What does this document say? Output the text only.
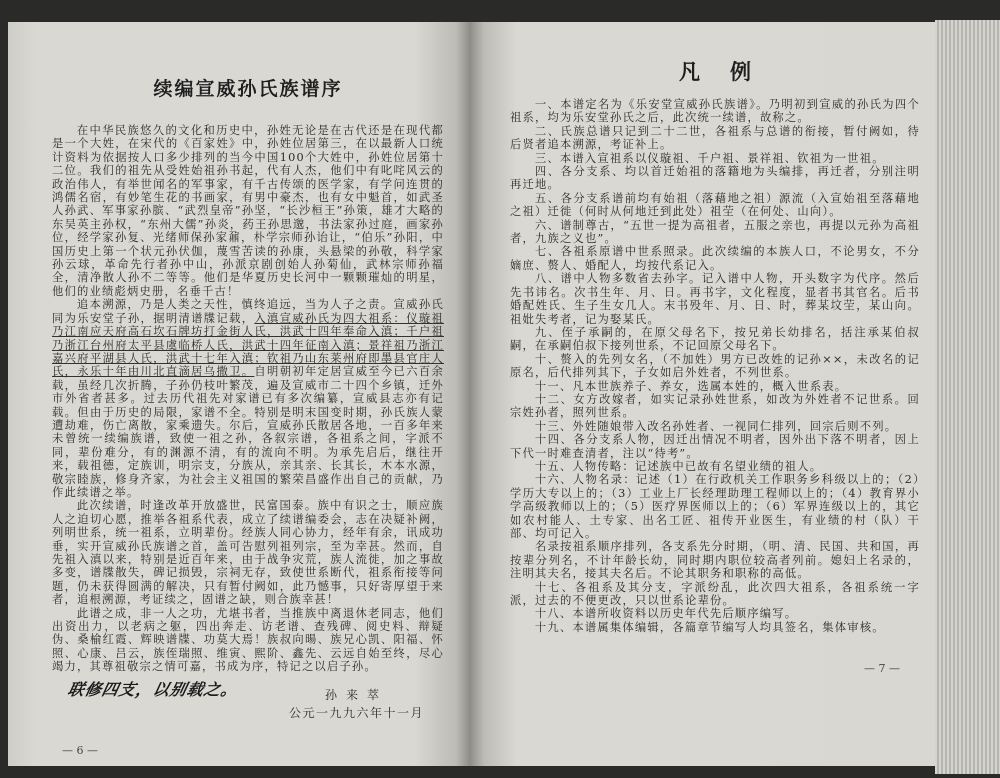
续编宣威孙氏族谱序

在中华民族悠久的文化和历史中，孙姓无论是在古代还是在现代都是一个大姓，在宋代的《百家姓》中，孙姓位居第三，在以最新人口统计资料为依据按人口多少排列的当今中国100个大姓中，孙姓位居第十二位。我们的祖先从受姓始祖孙书起，代有人杰，他们中有叱咤风云的政治伟人，有举世闻名的军事家，有千古传颂的医学家，有学问连贯的鸿儒名宿，有妙笔生花的书画家，有男中豪杰，也有女中魁首，如武圣人孙武、军事家孙膑、“武烈皇帝”孙坚，“长沙桓王”孙策，雄才大略的东吴英主孙权，“东州大儒”孙炎，药王孙思邈，书法家孙过庭，画家孙位，经学家孙复、光绪师保孙家鼐，朴学宗师孙诒让，“伯乐”孙阳，中国历史上第一个状元孙伏伽，蔑雪苦读的孙康，头悬梁的孙敬，科学家孙云球，革命先行者孙中山，孙派京剧创始人孙菊仙，武林宗师孙福全，清净散人孙不二等等。他们是华夏历史长河中一颗颗璀灿的明星，他们的业绩彪炳史册，名垂千古！

追本溯源，乃是人类之天性，慎终追远，当为人子之责。宣威孙氏同为乐安堂子孙，据明清谱牒记载，入滇宣威孙氏为四大祖系：仪璇祖乃江南应天府高石坎石牌坊打金街人氏，洪武十四年奉命入滇；千户祖乃浙江台州府太平县虞临桥人氏，洪武十四年征南入滇；景祥祖乃浙江嘉兴府平湖县人氏，洪武十七年入滇；钦祖乃山东莱州府即墨县官庄人氏，永乐十年由川北直滴居乌撒卫。自明朝初年定居宣威至今已六百余载，虽经几次折腾，子孙仍枝叶繁茂，遍及宣威市二十四个乡镇，迁外市外省者甚多。过去历代祖先对家谱已有多次编纂，宣威县志亦有记载。但由于历史的局限，家谱不全。特别是明末国变时期，孙氏族人蒙遭劫难，伤亡离散，家乘遗失。尔后，宣威孙氏散居各地，一百多年来未曾统一续编族谱，致使一祖之孙，各叙宗谱，各祖系之间，字派不同，辈份难分，有的渊源不清，有的流向不明。为承先启后，继往开来，载祖德，定族训，明宗支，分族从，亲其亲、长其长，木本水源，敬宗睦族，修身齐家，为社会主义祖国的繁荣昌盛作出自己的贡献，乃作此续谱之举。

此次续谱，时逢改革开放盛世，民富国泰。族中有识之士，顺应族人之迫切心愿，推举各祖系代表，成立了续谱编委会，志在决疑补阙，列明世系，统一祖系，立明辈份。经族人同心协力，经年有余，讯成功垂，实开宣威孙氏族谱之首，盖可告慰列祖列宗，至为幸甚。然而，自先祖入滇以来，特别是近百年来，由于战争灾荒，族人流徙，加之事故多变，谱牒散失，碑记损毁，宗祠无存，致使世系断代，祖系衔接等问题，仍未获得圆满的解决，只有暂付阙如，此乃憾事，只好寄厚望于来者，追根溯源，考证续之，固谱之缺，则合族幸甚！

此谱之成，非一人之功，尤堪书者，当推族中离退休老同志，他们出资出力，以老病之躯，四出奔走、访老谱、查残碑、阅史料、辩疑伪、桑榆红霞、辉映谱牒、功莫大焉！族叔向暘、族兄心凯、阳福、怀照、心康、吕云，族侄瑞照、维寅、熙阶、鑫先、云远自始至终，尽心竭力，其尊祖敬宗之情可嘉，书成为序，特记之以启子孙。

联修四支，以别载之。	孙来萃
公元一九九六年十一月
— 6 —
凡例

一、本谱定名为《乐安堂宣威孙氏族谱》。乃明初到宣威的孙氏为四个祖系，均为乐安堂孙氏之后，此次统一续谱，故称之。

二、氏族总谱只记到二十二世，各祖系与总谱的衔接，暂付阙如，待后贤者追本溯源，考证补上。

三、本谱入宣祖系以仪璇祖、千户祖、景祥祖、钦祖为一世祖。

四、各分支系、均以首迁始祖的落籍地为头编排，再迁者，分别注明再迁地。

五、各分支系谱前均有始祖（落藉地之祖）源流（入宣始祖至落藉地之祖）迁徙（何时从何地迁到此处）祖茔（在何处、山向）。

六、谱制尊古，“五世一提为高祖者，五服之亲也，再提以元孙为高祖者，九族之义也”。

七、各祖系原谱中世系照录。此次续编的本族人口，不论男女，不分嫡庶、赘人、婚配人，均按代系记入。

八、谱中人物多数省去孙字。记入谱中人物，开头数字为代序。然后先书讳名。次书生年、月、日。再书字，文化程度，显者书其官名。后书婚配姓氏、生子生女几人。末书殁年、月、日、时，葬某坟茔，某山向。祖妣失考者，记为娶某氏。

九、侄子承嗣的，在原父母名下，按兄弟长幼排名，括注承某伯叔嗣，在承嗣伯叔下接列世系，不记回原父母名下。

十、赘入的先列女名，（不加姓）男方已改姓的记孙××，未改名的记原名，后代排列其下，子女如启外姓者，不列世系。

十一、凡本世族养子、养女，选属本姓的，概入世系表。

十二、女方改嫁者，如实记录孙姓世系，如改为外姓者不记世系。回宗姓孙者，照列世系。

十三、外姓随娘带入改名孙姓者、一视同仁排列，回宗后则不列。

十四、各分支系人物，因迁出情况不明者，因外出下落不明者，因上下代一时难查清者，注以“待考”。

十五、人物传略：记述族中已故有名望业绩的祖人。

十六、人物名录：记述（1）在行政机关工作职务乡科级以上的；（2）学历大专以上的；（3）工业上厂长经理助理工程师以上的；（4）教育界小学高级教师以上的；（5）医疗界医师以上的；（6）军界连级以上的，其它如农村能人、土专家、出名工匠、祖传开业医生，有业绩的村（队）干部、均可记入。

名录按祖系顺序排列，各支系先分时期，（明、清、民国、共和国，再按辈分列名，不计年龄长幼，同时期内职位较高者列前。媳妇上名录的，注明其夫名，接其夫名后。不论其职务和职称的高低。

十七、各祖系及其分支，字派纷乱，此次四大祖系，各祖系统一字派，过去的不便更改，只以世系论辈份。

十八、本谱所收资料以历史年代先后顺序编写。

十九、本谱属集体编辑，各篇章节编写人均具签名，集体审核。

— 7 —
